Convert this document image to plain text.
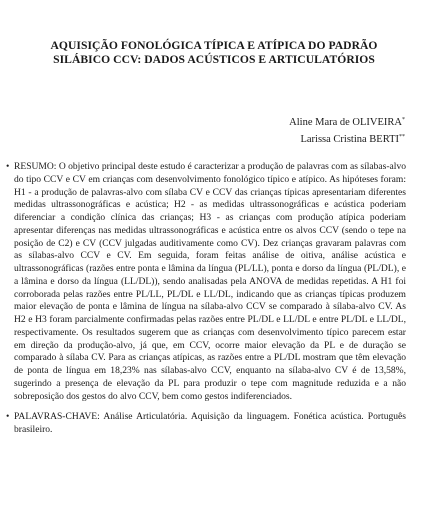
AQUISIÇÃO FONOLÓGICA TÍPICA E ATÍPICA DO PADRÃO
SILÁBICO CCV: DADOS ACÚSTICOS E ARTICULATÓRIOS
Aline Mara de OLIVEIRA*
Larissa Cristina BERTI**
• RESUMO: O objetivo principal deste estudo é caracterizar a produção de palavras com as sílabas-alvo do tipo CCV e CV em crianças com desenvolvimento fonológico típico e atípico. As hipóteses foram: H1 - a produção de palavras-alvo com sílaba CV e CCV das crianças típicas apresentariam diferentes medidas ultrassonográficas e acústica; H2 - as medidas ultrassonográficas e acústica poderiam diferenciar a condição clínica das crianças; H3 - as crianças com produção atípica poderiam apresentar diferenças nas medidas ultrassonográficas e acústica entre os alvos CCV (sendo o tepe na posição de C2) e CV (CCV julgadas auditivamente como CV). Dez crianças gravaram palavras com as sílabas-alvo CCV e CV. Em seguida, foram feitas análise de oitiva, análise acústica e ultrassonográficas (razões entre ponta e lâmina da língua (PL/LL), ponta e dorso da língua (PL/DL), e a lâmina e dorso da língua (LL/DL)), sendo analisadas pela ANOVA de medidas repetidas. A H1 foi corroborada pelas razões entre PL/LL, PL/DL e LL/DL, indicando que as crianças típicas produzem maior elevação de ponta e lâmina de língua na sílaba-alvo CCV se comparado à sílaba-alvo CV. As H2 e H3 foram parcialmente confirmadas pelas razões entre PL/DL e LL/DL e entre PL/DL e LL/DL, respectivamente. Os resultados sugerem que as crianças com desenvolvimento típico parecem estar em direção da produção-alvo, já que, em CCV, ocorre maior elevação da PL e de duração se comparado à sílaba CV. Para as crianças atípicas, as razões entre a PL/DL mostram que têm elevação de ponta de língua em 18,23% nas sílabas-alvo CCV, enquanto na sílaba-alvo CV é de 13,58%, sugerindo a presença de elevação da PL para produzir o tepe com magnitude reduzida e a não sobreposição dos gestos do alvo CCV, bem como gestos indiferenciados.
• PALAVRAS-CHAVE: Análise Articulatória. Aquisição da linguagem. Fonética acústica. Português brasileiro.
